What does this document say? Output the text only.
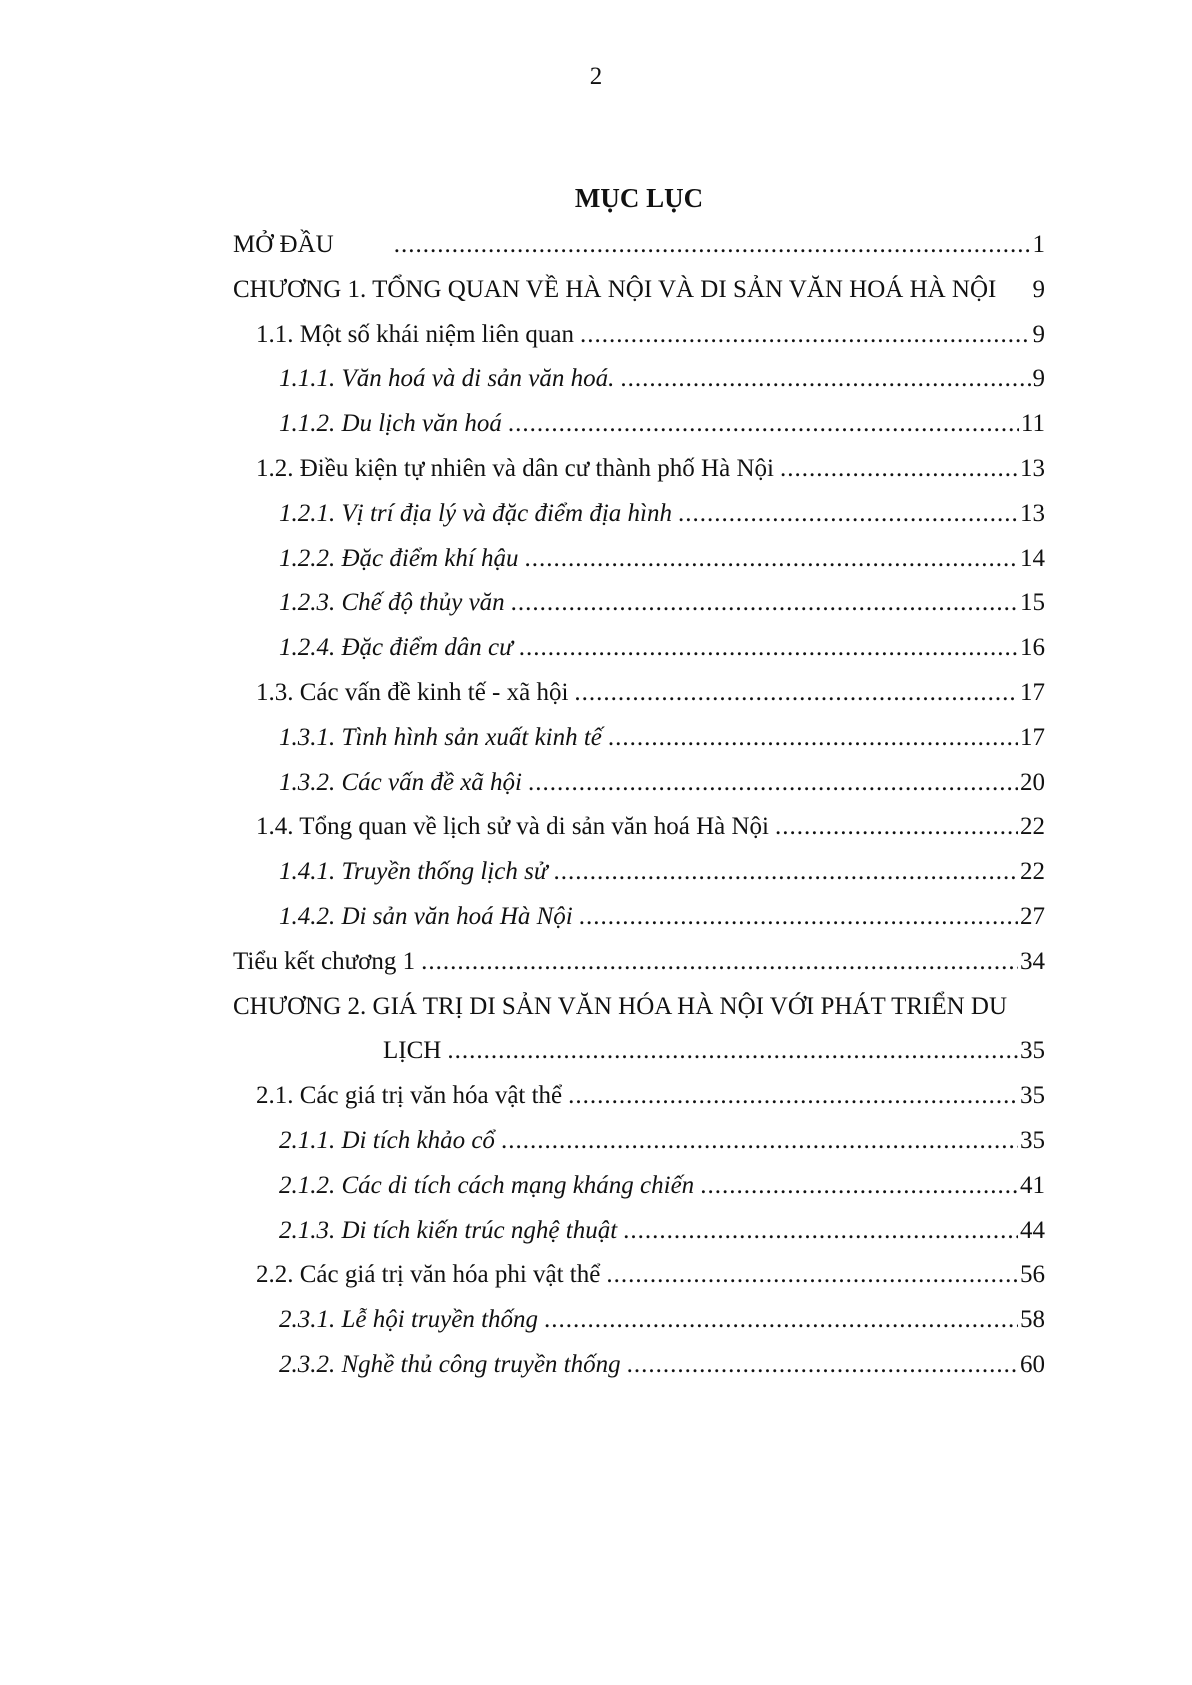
2
MỤC LỤC
MỞ ĐẦU .....	1
CHƯƠNG 1. TỔNG QUAN VỀ HÀ NỘI VÀ DI SẢN VĂN HOÁ HÀ NỘI	9
1.1. Một số khái niệm liên quan .....	9
1.1.1. Văn hoá và di sản văn hoá. .....	9
1.1.2. Du lịch văn hoá .....	11
1.2. Điều kiện tự nhiên và dân cư thành phố Hà Nội .....	13
1.2.1. Vị trí địa lý và đặc điểm địa hình .....	13
1.2.2. Đặc điểm khí hậu .....	14
1.2.3. Chế độ thủy văn .....	15
1.2.4. Đặc điểm dân cư .....	16
1.3. Các vấn đề kinh tế - xã hội .....	17
1.3.1. Tình hình sản xuất kinh tế .....	17
1.3.2. Các vấn đề xã hội .....	20
1.4. Tổng quan về lịch sử và di sản văn hoá Hà Nội .....	22
1.4.1. Truyền thống lịch sử .....	22
1.4.2. Di sản văn hoá Hà Nội .....	27
Tiểu kết chương 1 .....	34
CHƯƠNG 2. GIÁ TRỊ DI SẢN VĂN HÓA HÀ NỘI VỚI PHÁT TRIỂN DU
LỊCH .....	35
2.1. Các giá trị văn hóa vật thể .....	35
2.1.1. Di tích khảo cổ .....	35
2.1.2. Các di tích cách mạng kháng chiến .....	41
2.1.3. Di tích kiến trúc nghệ thuật .....	44
2.2. Các giá trị văn hóa phi vật thể .....	56
2.3.1. Lễ hội truyền thống .....	58
2.3.2. Nghề thủ công truyền thống .....	60
